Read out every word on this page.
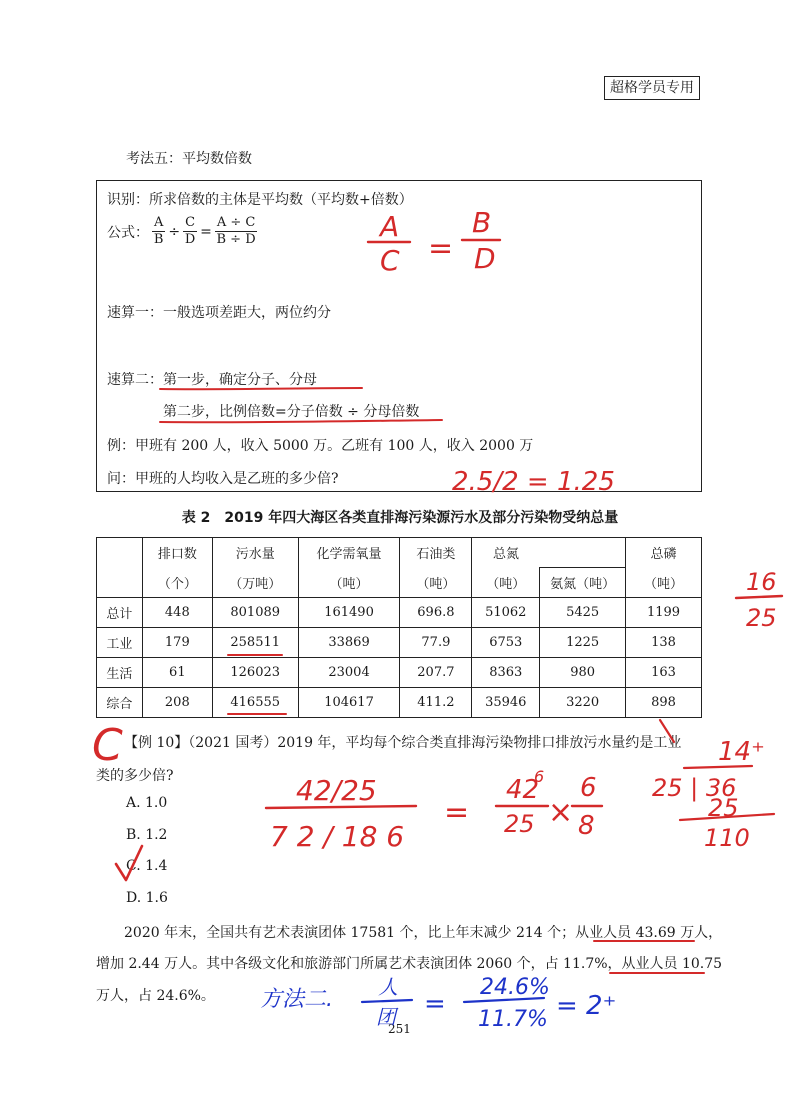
超格学员专用
考法五：平均数倍数
识别：所求倍数的主体是平均数（平均数+倍数）
公式： $\frac{A}{B} \div \frac{C}{D} = \frac{A \div C}{B \div D}$
速算一：一般选项差距大，两位约分
速算二：第一步，确定分子、分母
第二步，比例倍数=分子倍数 ÷ 分母倍数
例：甲班有 200 人，收入 5000 万。乙班有 100 人，收入 2000 万
问：甲班的人均收入是乙班的多少倍?
表 2　2019 年四大海区各类直排海污染源污水及部分污染物受纳总量
	排口数	污水量	化学需氧量	石油类	总氮		总磷
	（个）	（万吨）	（吨）	（吨）	（吨）	氨氮（吨）	（吨）
总计	448	801089	161490	696.8	51062	5425	1199
工业	179	258511	33869	77.9	6753	1225	138
生活	61	126023	23004	207.7	8363	980	163
综合	208	416555	104617	411.2	35946	3220	898
【例 10】（2021 国考）2019 年，平均每个综合类直排海污染物排口排放污水量约是工业
类的多少倍?
A. 1.0
B. 1.2
C. 1.4
D. 1.6
2020 年末，全国共有艺术表演团体 17581 个，比上年末减少 214 个；从业人员 43.69 万人，
增加 2.44 万人。其中各级文化和旅游部门所属艺术表演团体 2060 个，占 11.7%，从业人员 10.75
万人，占 24.6%。
251
A
C =
B
D
2.5/2 = 1.25
16
25
C
42/25
7 2 / 18 6
=
42
6
25 ×
6
8
14⁺
25 | 36
25
110
方法二. 人
团 =
24.6%
11.7% = 2⁺
